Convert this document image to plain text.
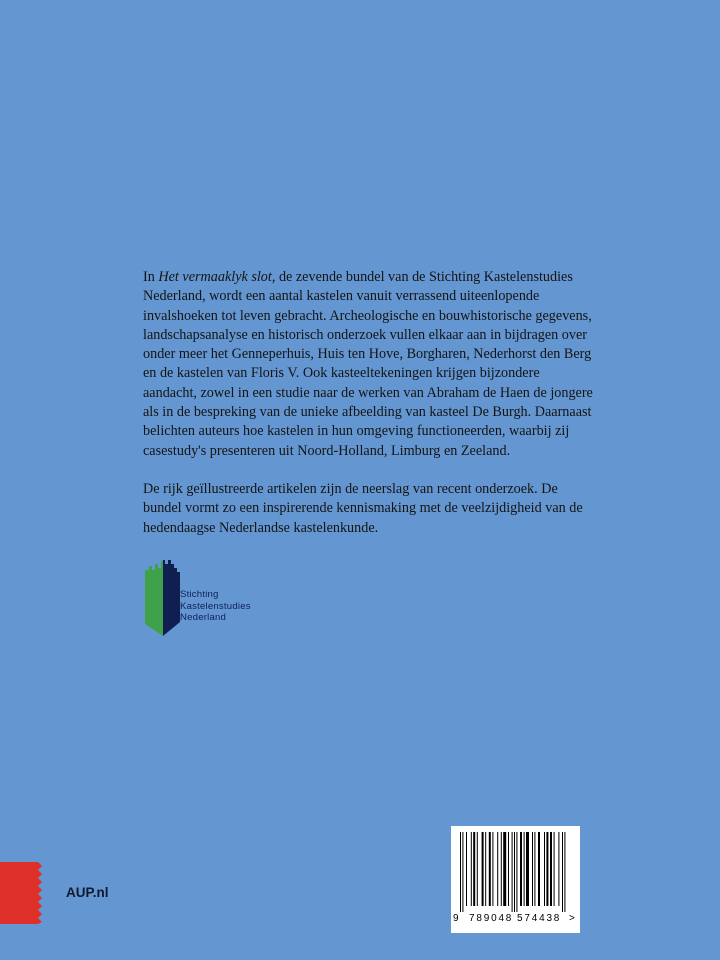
In Het vermaaklyk slot, de zevende bundel van de Stichting Kastelenstudies Nederland, wordt een aantal kastelen vanuit verrassend uiteenlopende invalshoeken tot leven gebracht. Archeologische en bouwhistorische gegevens, landschapsanalyse en historisch onderzoek vullen elkaar aan in bijdragen over onder meer het Genneperhuis, Huis ten Hove, Borgharen, Nederhorst den Berg en de kastelen van Floris V. Ook kasteeltekeningen krijgen bijzondere aandacht, zowel in een studie naar de werken van Abraham de Haen de jongere als in de bespreking van de unieke afbeelding van kasteel De Burgh. Daarnaast belichten auteurs hoe kastelen in hun omgeving functioneerden, waarbij zij casestudy's presenteren uit Noord-Holland, Limburg en Zeeland.

De rijk geïllustreerde artikelen zijn de neerslag van recent onderzoek. De bundel vormt zo een inspirerende kennismaking met de veelzijdigheid van de hedendaagse Nederlandse kastelenkunde.

Stichting
Kastelenstudies
Nederland
AUP.nl
9 789048 574438 >
